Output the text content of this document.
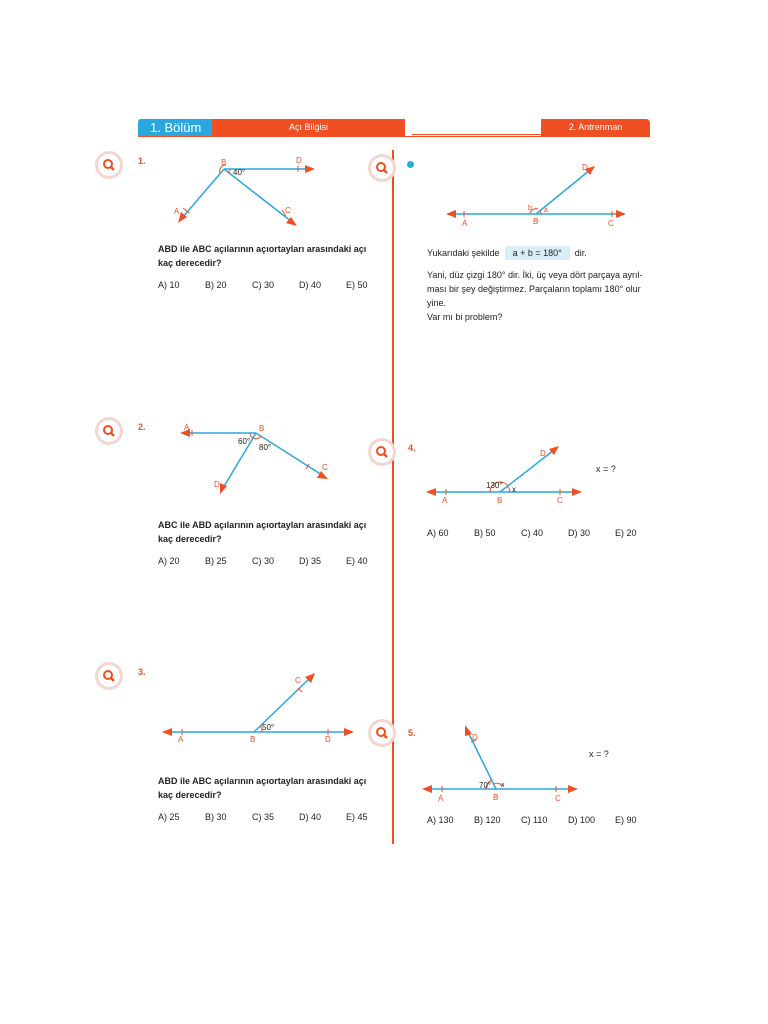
1. Bölüm	Açı Bilgisi	2. Antrenman
1.	B	D
A	C
40°
ABD ile ABC açılarının açıortayları arasındaki açı
kaç derecedir?
A) 10	B) 20	C) 30	D) 40	E) 50
2.	A	B
C
D
60°
80°
ABC ile ABD açılarının açıortayları arasındaki açı
kaç derecedir?
A) 20	B) 25	C) 30	D) 35	E) 40
3.
A	B	D
C
50°
ABD ile ABC açılarının açıortayları arasındaki açı
kaç derecedir?
A) 25	B) 30	C) 35	D) 40	E) 45
A	B	C
D
b a
Yukarıdaki şekilde a + b = 180° dir.
Yani, düz çizgi 180° dir. İki, üç veya dört parçaya ayrıl-
ması bir şey değiştirmez. Parçaların toplamı 180° olur
yine.
Var mı bi problem?
4.
A	B	C
D
130° x
x = ?
A) 60	B) 50	C) 40	D) 30	E) 20
5.
A	B	C
D
70° x
x = ?
A) 130 B) 120 C) 110 D) 100 E) 90
